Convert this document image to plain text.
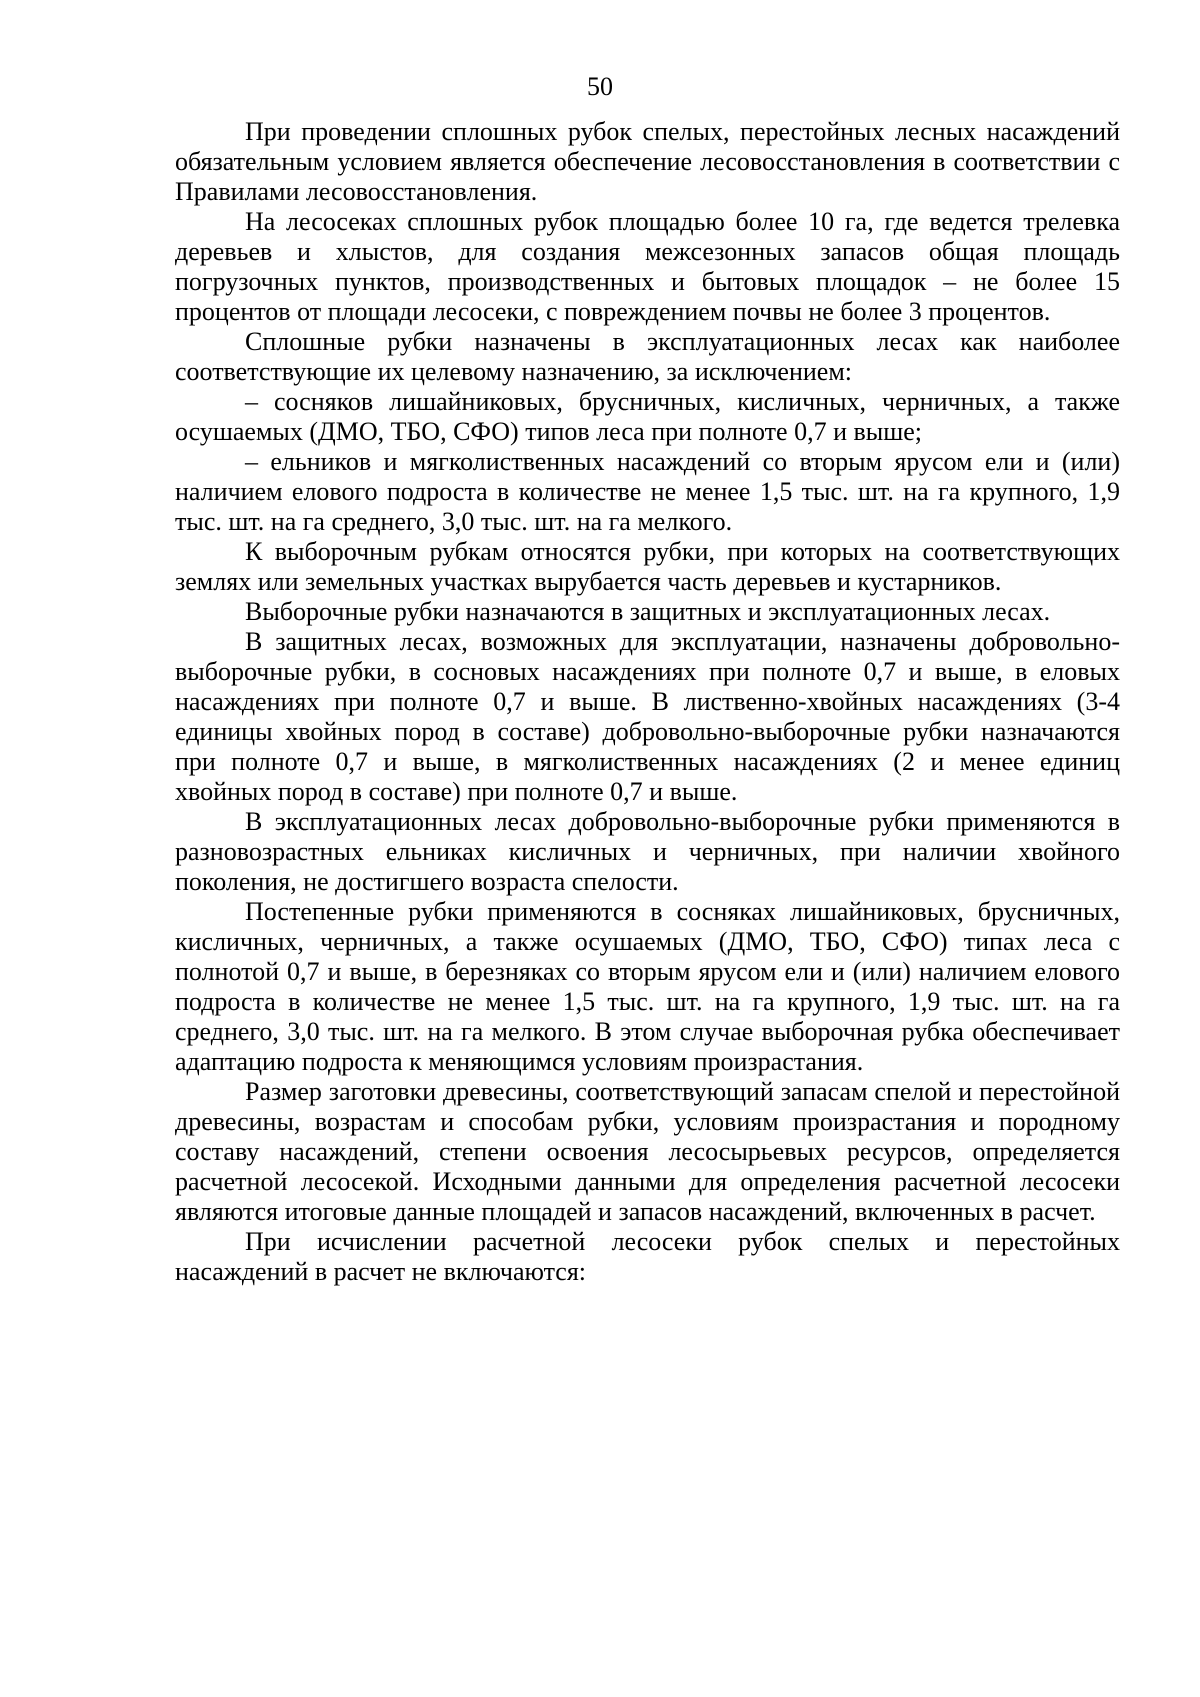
50

При проведении сплошных рубок спелых, перестойных лесных насаждений обязательным условием является обеспечение лесовосстановления в соответствии с Правилами лесовосстановления.

На лесосеках сплошных рубок площадью более 10 га, где ведется трелевка деревьев и хлыстов, для создания межсезонных запасов общая площадь погрузочных пунктов, производственных и бытовых площадок – не более 15 процентов от площади лесосеки, с повреждением почвы не более 3 процентов.

Сплошные рубки назначены в эксплуатационных лесах как наиболее соответствующие их целевому назначению, за исключением:

– сосняков лишайниковых, брусничных, кисличных, черничных, а также осушаемых (ДМО, ТБО, СФО) типов леса при полноте 0,7 и выше;

– ельников и мягколиственных насаждений со вторым ярусом ели и (или) наличием елового подроста в количестве не менее 1,5 тыс. шт. на га крупного, 1,9 тыс. шт. на га среднего, 3,0 тыс. шт. на га мелкого.

К выборочным рубкам относятся рубки, при которых на соответствующих землях или земельных участках вырубается часть деревьев и кустарников.

Выборочные рубки назначаются в защитных и эксплуатационных лесах.

В защитных лесах, возможных для эксплуатации, назначены добровольно-выборочные рубки, в сосновых насаждениях при полноте 0,7 и выше, в еловых насаждениях при полноте 0,7 и выше. В лиственно-хвойных насаждениях (3-4 единицы хвойных пород в составе) добровольно-выборочные рубки назначаются при полноте 0,7 и выше, в мягколиственных насаждениях (2 и менее единиц хвойных пород в составе) при полноте 0,7 и выше.

В эксплуатационных лесах добровольно-выборочные рубки применяются в разновозрастных ельниках кисличных и черничных, при наличии хвойного поколения, не достигшего возраста спелости.

Постепенные рубки применяются в сосняках лишайниковых, брусничных, кисличных, черничных, а также осушаемых (ДМО, ТБО, СФО) типах леса с полнотой 0,7 и выше, в березняках со вторым ярусом ели и (или) наличием елового подроста в количестве не менее 1,5 тыс. шт. на га крупного, 1,9 тыс. шт. на га среднего, 3,0 тыс. шт. на га мелкого. В этом случае выборочная рубка обеспечивает адаптацию подроста к меняющимся условиям произрастания.

Размер заготовки древесины, соответствующий запасам спелой и перестойной древесины, возрастам и способам рубки, условиям произрастания и породному составу насаждений, степени освоения лесосырьевых ресурсов, определяется расчетной лесосекой. Исходными данными для определения расчетной лесосеки являются итоговые данные площадей и запасов насаждений, включенных в расчет.

При исчислении расчетной лесосеки рубок спелых и перестойных насаждений в расчет не включаются:
